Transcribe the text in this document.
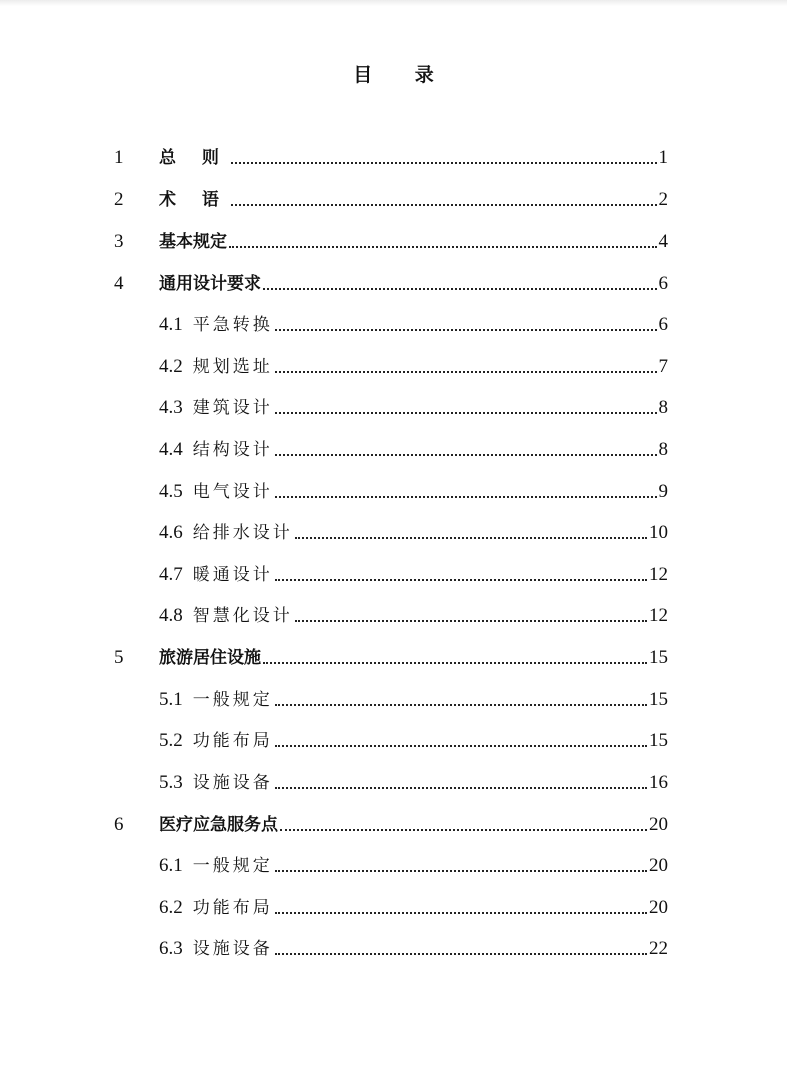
目 录
1	总 则	1
2	术 语	2
3	基本规定	4
4	通用设计要求	6
4.1 平急转换	6
4.2 规划选址	7
4.3 建筑设计	8
4.4 结构设计	8
4.5 电气设计	9
4.6 给排水设计	10
4.7 暖通设计	12
4.8 智慧化设计	12
5	旅游居住设施	15
5.1 一般规定	15
5.2 功能布局	15
5.3 设施设备	16
6	医疗应急服务点	20
6.1 一般规定	20
6.2 功能布局	20
6.3 设施设备	22
